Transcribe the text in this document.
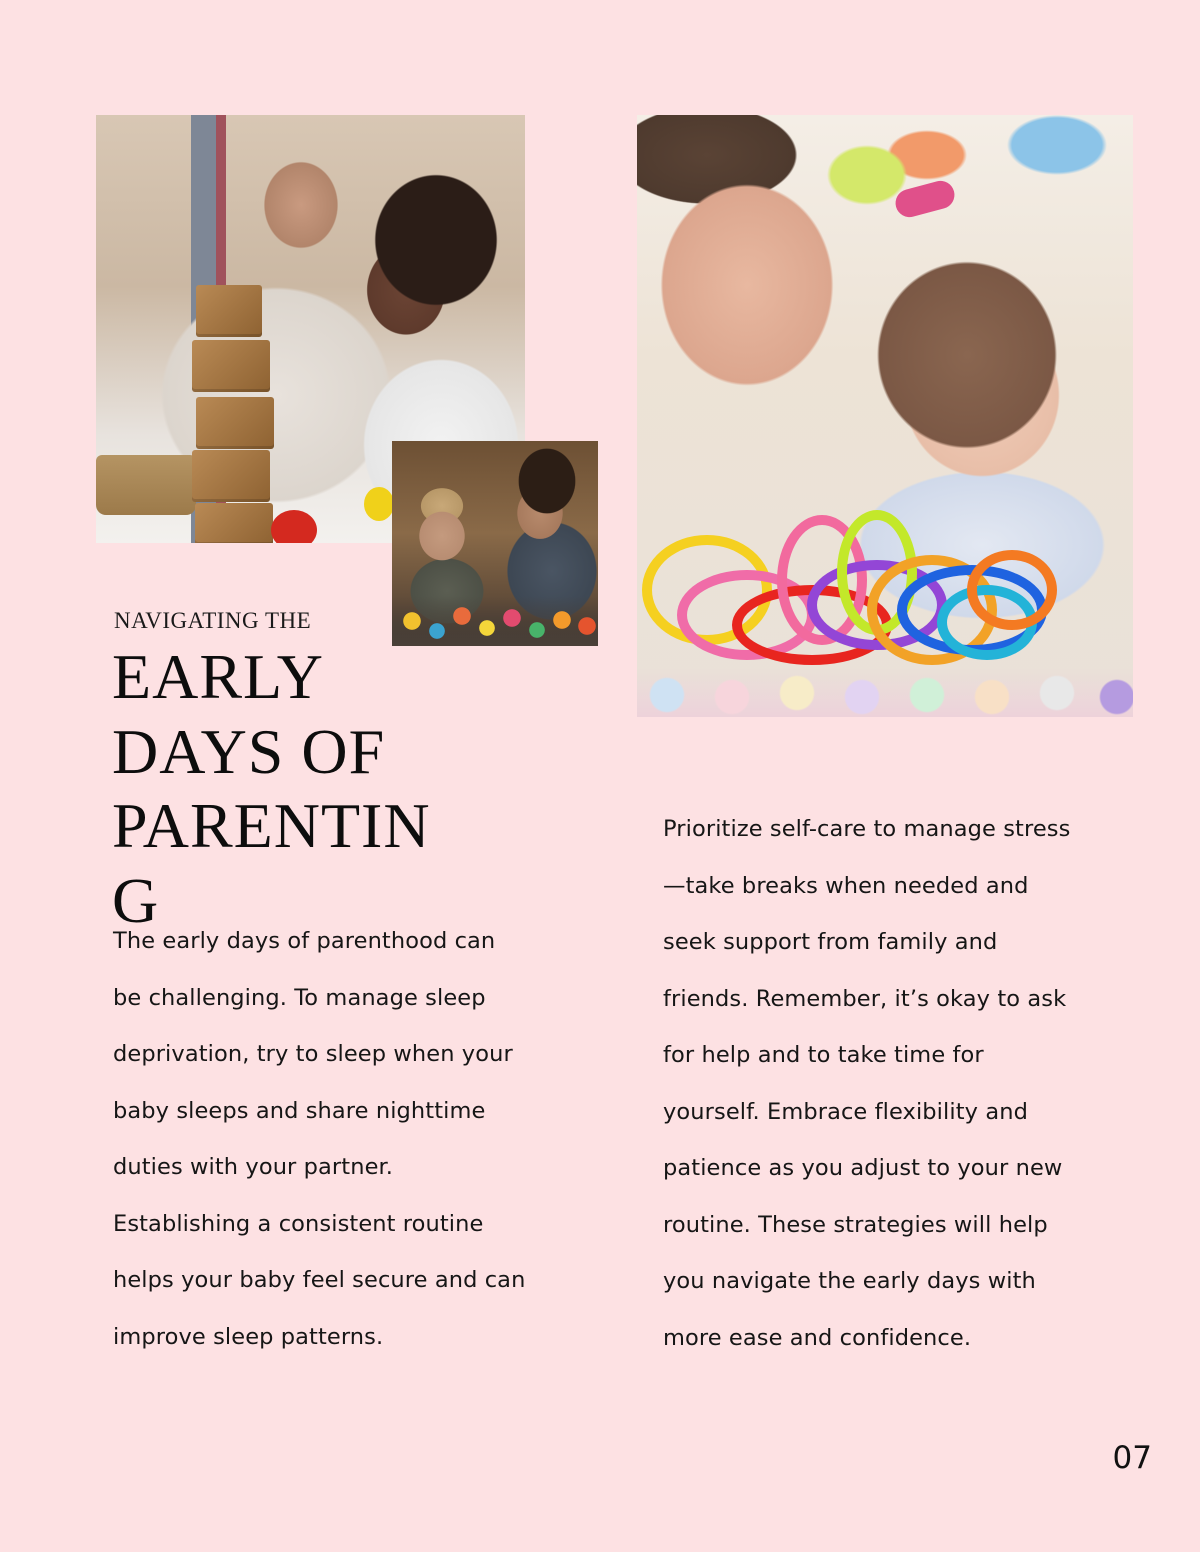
NAVIGATING THE

EARLY
DAYS OF
PARENTIN
G

The early days of parenthood can
be challenging. To manage sleep
deprivation, try to sleep when your
baby sleeps and share nighttime
duties with your partner.
Establishing a consistent routine
helps your baby feel secure and can
improve sleep patterns.

Prioritize self-care to manage stress
—take breaks when needed and
seek support from family and
friends. Remember, it’s okay to ask
for help and to take time for
yourself. Embrace flexibility and
patience as you adjust to your new
routine. These strategies will help
you navigate the early days with
more ease and confidence.

07
